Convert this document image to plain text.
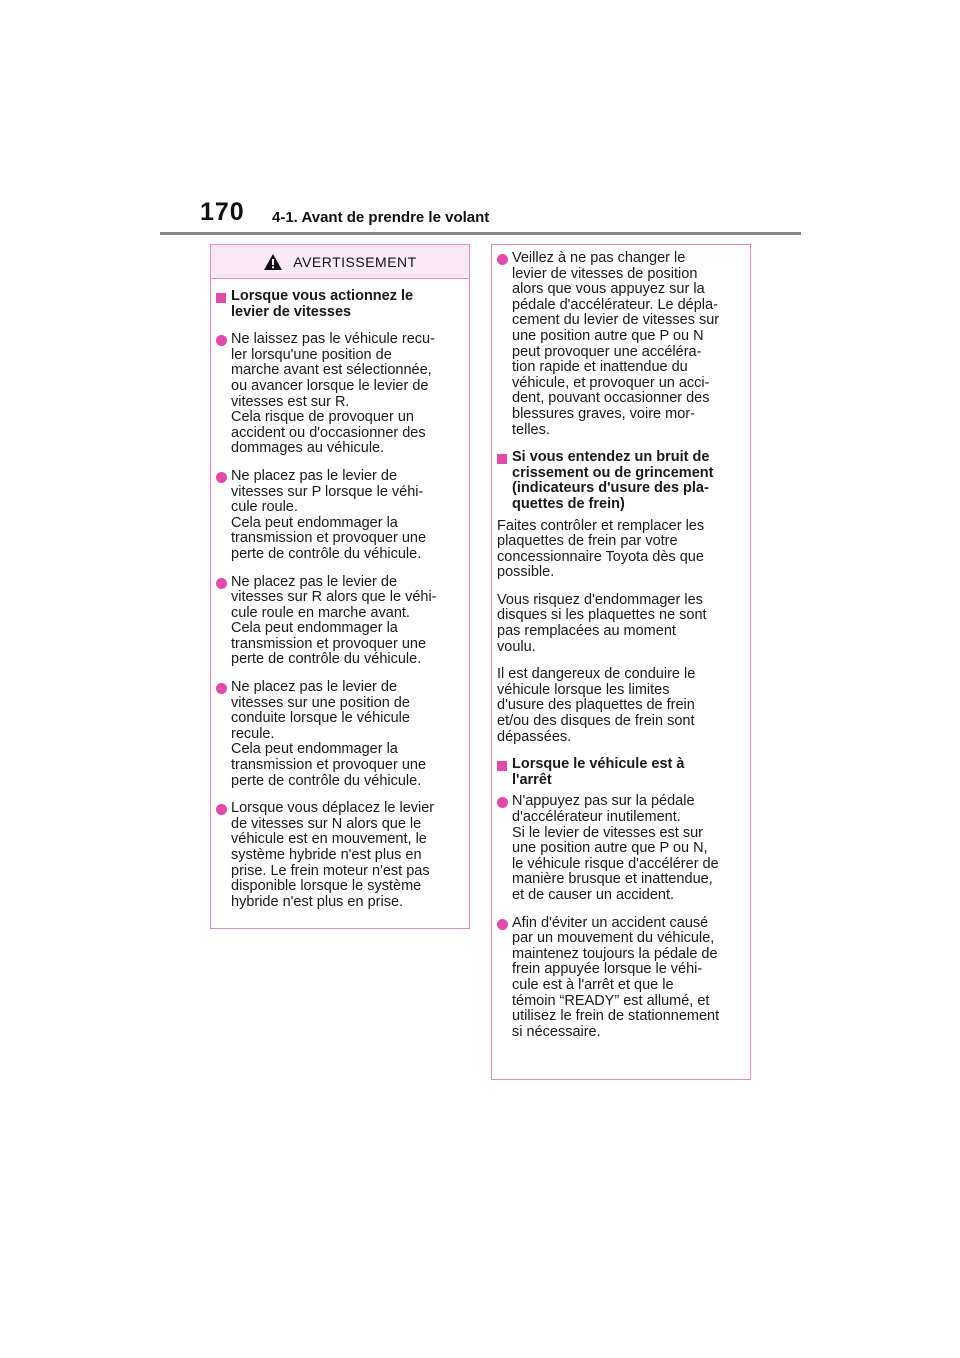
170 4-1. Avant de prendre le volant
AVERTISSEMENT
Lorsque vous actionnez le
levier de vitesses
Ne laissez pas le véhicule recu-
ler lorsqu'une position de
marche avant est sélectionnée,
ou avancer lorsque le levier de
vitesses est sur R.
Cela risque de provoquer un
accident ou d'occasionner des
dommages au véhicule.
Ne placez pas le levier de
vitesses sur P lorsque le véhi-
cule roule.
Cela peut endommager la
transmission et provoquer une
perte de contrôle du véhicule.
Ne placez pas le levier de
vitesses sur R alors que le véhi-
cule roule en marche avant.
Cela peut endommager la
transmission et provoquer une
perte de contrôle du véhicule.
Ne placez pas le levier de
vitesses sur une position de
conduite lorsque le véhicule
recule.
Cela peut endommager la
transmission et provoquer une
perte de contrôle du véhicule.
Lorsque vous déplacez le levier
de vitesses sur N alors que le
véhicule est en mouvement, le
système hybride n'est plus en
prise. Le frein moteur n'est pas
disponible lorsque le système
hybride n'est plus en prise.
Veillez à ne pas changer le
levier de vitesses de position
alors que vous appuyez sur la
pédale d'accélérateur. Le dépla-
cement du levier de vitesses sur
une position autre que P ou N
peut provoquer une accéléra-
tion rapide et inattendue du
véhicule, et provoquer un acci-
dent, pouvant occasionner des
blessures graves, voire mor-
telles.
Si vous entendez un bruit de
crissement ou de grincement
(indicateurs d'usure des pla-
quettes de frein)
Faites contrôler et remplacer les
plaquettes de frein par votre
concessionnaire Toyota dès que
possible.
Vous risquez d'endommager les
disques si les plaquettes ne sont
pas remplacées au moment
voulu.
Il est dangereux de conduire le
véhicule lorsque les limites
d'usure des plaquettes de frein
et/ou des disques de frein sont
dépassées.
Lorsque le véhicule est à
l'arrêt
N'appuyez pas sur la pédale
d'accélérateur inutilement.
Si le levier de vitesses est sur
une position autre que P ou N,
le véhicule risque d'accélérer de
manière brusque et inattendue,
et de causer un accident.
Afin d'éviter un accident causé
par un mouvement du véhicule,
maintenez toujours la pédale de
frein appuyée lorsque le véhi-
cule est à l'arrêt et que le
témoin “READY” est allumé, et
utilisez le frein de stationnement
si nécessaire.
